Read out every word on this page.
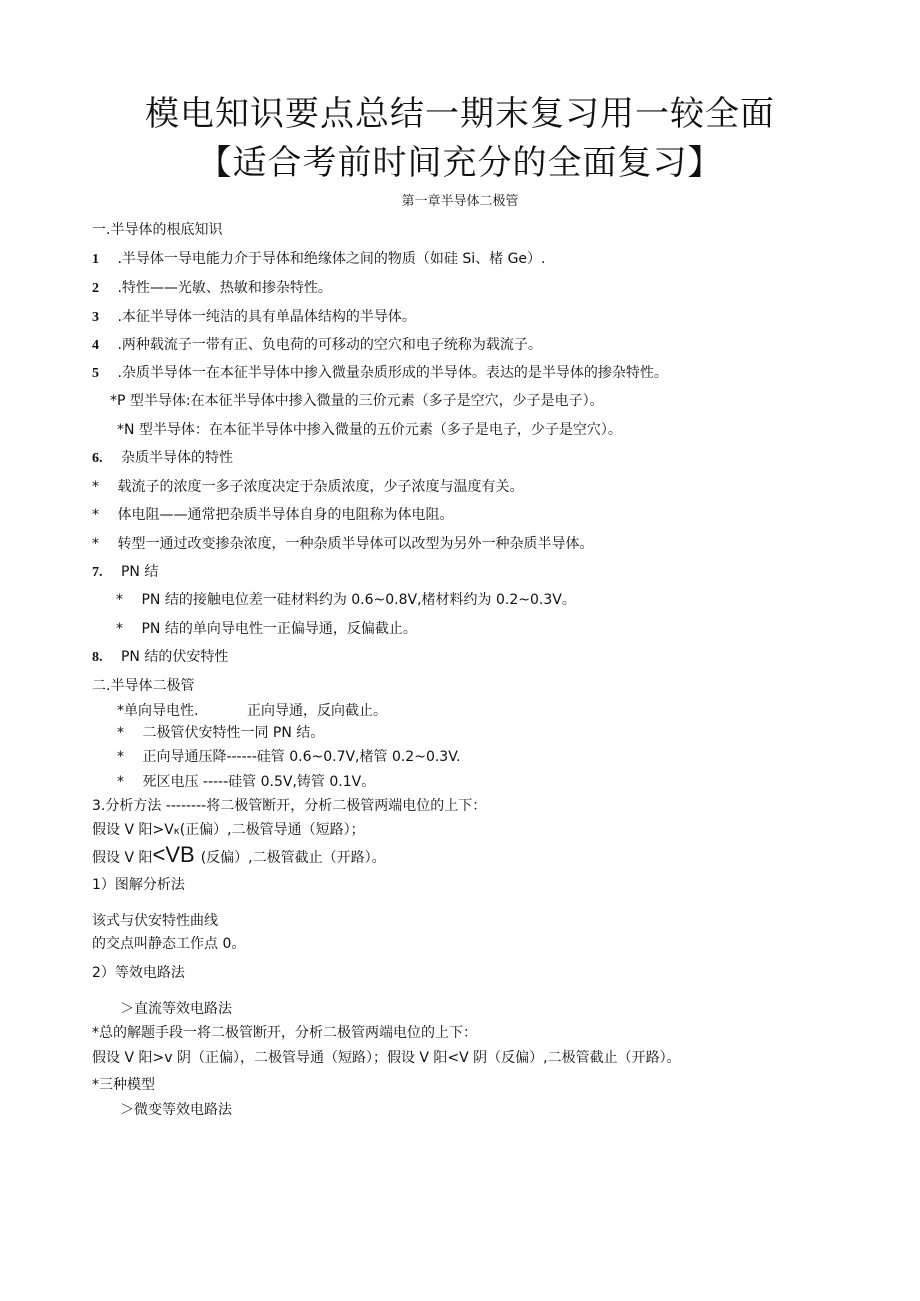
模电知识要点总结一期末复习用一较全面
【适合考前时间充分的全面复习】
第一章半导体二极管
一.半导体的根底知识
1 .半导体一导电能力介于导体和绝缘体之间的物质（如硅 Si、楮 Ge）.
2 .特性——光敏、热敏和掺杂特性。
3 .本征半导体一纯洁的具有单晶体结构的半导体。
4 .两种载流子一带有正、负电荷的可移动的空穴和电子统称为载流子。
5 .杂质半导体一在本征半导体中掺入微量杂质形成的半导体。表达的是半导体的掺杂特性。
*P 型半导体:在本征半导体中掺入微量的三价元素（多子是空穴，少子是电子）。
*N 型半导体：在本征半导体中掺入微量的五价元素（多子是电子，少子是空穴）。
6. 杂质半导体的特性
* 载流子的浓度一多子浓度决定于杂质浓度，少子浓度与温度有关。
* 体电阻——通常把杂质半导体自身的电阻称为体电阻。
* 转型一通过改变掺杂浓度，一种杂质半导体可以改型为另外一种杂质半导体。
7. PN 结
* PN 结的接触电位差一硅材料约为 0.6~0.8V,楮材料约为 0.2~0.3V。
* PN 结的单向导电性一正偏导通，反偏截止。
8. PN 结的伏安特性
二.半导体二极管
*单向导电性.	正向导通，反向截止。
* 二极管伏安特性一同 PN 结。
* 正向导通压降------硅管 0.6~0.7V,楮管 0.2~0.3V.
* 死区电压 -----硅管 0.5V,铸管 0.1V。
3.分析方法 --------将二极管断开，分析二极管两端电位的上下：
假设 V 阳>Vκ(正偏）,二极管导通（短路）；
假设 V 阳<VB (反偏）,二极管截止（开路）。
1）图解分析法
该式与伏安特性曲线
的交点叫静态工作点 0。
2）等效电路法
＞直流等效电路法
*总的解题手段一将二极管断开，分析二极管两端电位的上下：
假设 V 阳>v 阴（正偏），二极管导通（短路）；假设 V 阳<V 阴（反偏）,二极管截止（开路）。
*三种模型
＞微变等效电路法
